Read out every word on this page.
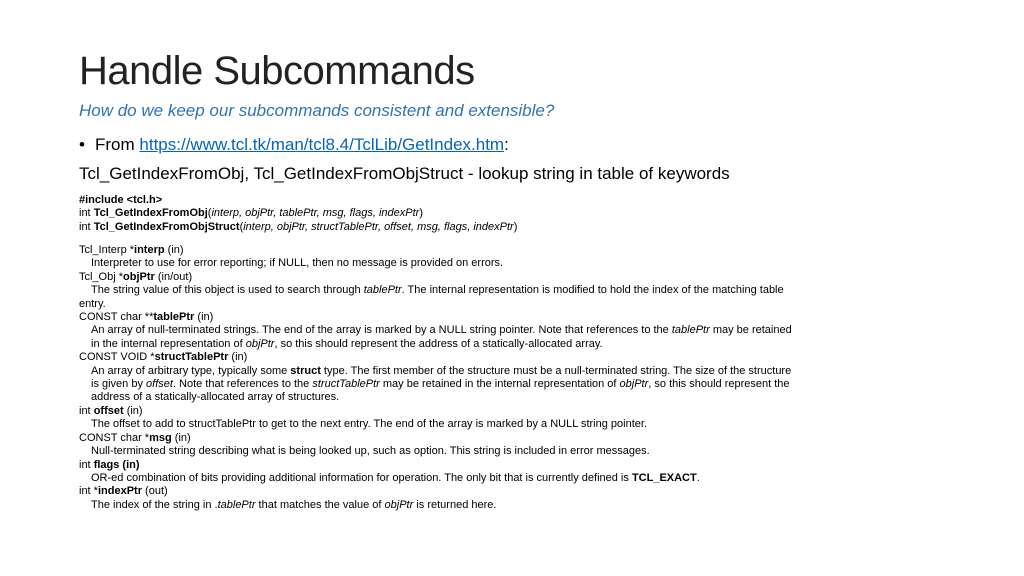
Handle Subcommands
How do we keep our subcommands consistent and extensible?
• From https://www.tcl.tk/man/tcl8.4/TclLib/GetIndex.htm:
Tcl_GetIndexFromObj, Tcl_GetIndexFromObjStruct - lookup string in table of keywords
#include <tcl.h>
int Tcl_GetIndexFromObj(interp, objPtr, tablePtr, msg, flags, indexPtr)
int Tcl_GetIndexFromObjStruct(interp, objPtr, structTablePtr, offset, msg, flags, indexPtr)
Tcl_Interp *interp (in)
Interpreter to use for error reporting; if NULL, then no message is provided on errors.
Tcl_Obj *objPtr (in/out)
The string value of this object is used to search through tablePtr. The internal representation is modified to hold the index of the matching table
entry.
CONST char **tablePtr (in)
An array of null-terminated strings. The end of the array is marked by a NULL string pointer. Note that references to the tablePtr may be retained
in the internal representation of objPtr, so this should represent the address of a statically-allocated array.
CONST VOID *structTablePtr (in)
An array of arbitrary type, typically some struct type. The first member of the structure must be a null-terminated string. The size of the structure
is given by offset. Note that references to the structTablePtr may be retained in the internal representation of objPtr, so this should represent the
address of a statically-allocated array of structures.
int offset (in)
The offset to add to structTablePtr to get to the next entry. The end of the array is marked by a NULL string pointer.
CONST char *msg (in)
Null-terminated string describing what is being looked up, such as option. This string is included in error messages.
int flags (in)
OR-ed combination of bits providing additional information for operation. The only bit that is currently defined is TCL_EXACT.
int *indexPtr (out)
The index of the string in .tablePtr that matches the value of objPtr is returned here.
